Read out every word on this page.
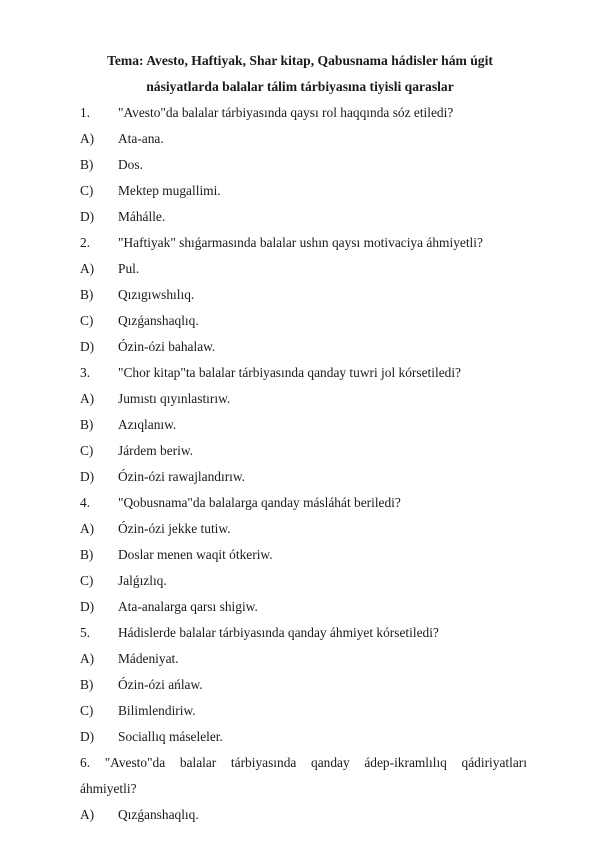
Tema: Avesto, Haftiyak, Shar kitap, Qabusnama hádisler hám úgit
násiyatlarda balalar tálim tárbiyasına tiyisli qaraslar
1. "Avesto"da balalar tárbiyasında qaysı rol haqqında sóz etiledi?
A) Ata-ana.
B) Dos.
C) Mektep mugallimi.
D) Máhálle.
2. "Haftiyak" shıǵarmasında balalar ushın qaysı motivaciya áhmiyetli?
A) Pul.
B) Qızıgıwshılıq.
C) Qızǵanshaqlıq.
D) Ózin-ózi bahalaw.
3. "Chor kitap"ta balalar tárbiyasında qanday tuwri jol kórsetiledi?
A) Jumıstı qıyınlastırıw.
B) Azıqlanıw.
C) Járdem beriw.
D) Ózin-ózi rawajlandırıw.
4. "Qobusnama"da balalarga qanday másláhát beriledi?
A) Ózin-ózi jekke tutiw.
B) Doslar menen waqit ótkeriw.
C) Jalǵızlıq.
D) Ata-analarga qarsı shigiw.
5. Hádislerde balalar tárbiyasında qanday áhmiyet kórsetiledi?
A) Mádeniyat.
B) Ózin-ózi ańlaw.
C) Bilimlendiriw.
D) Sociallıq máseleler.
6. "Avesto"da balalar tárbiyasında qanday ádep-ikramlılıq qádiriyatları
áhmiyetli?
A) Qızǵanshaqlıq.
